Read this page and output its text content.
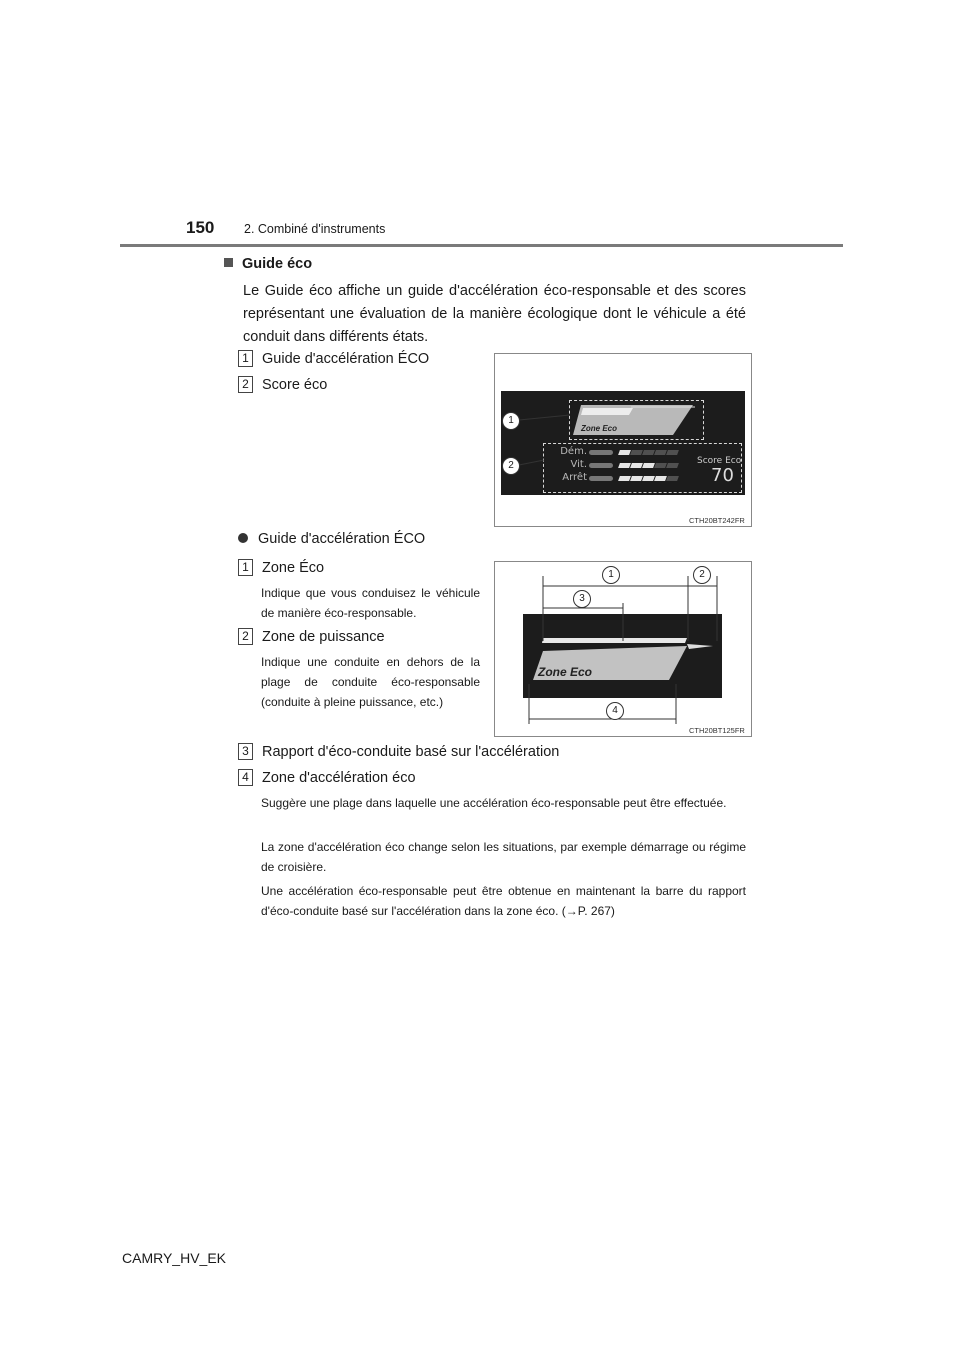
150 2. Combiné d'instruments
Guide éco
Le Guide éco affiche un guide d'accélération éco-responsable et des scores représentant une évaluation de la manière écologique dont le véhicule a été conduit dans différents états.
1 Guide d'accélération ÉCO
2 Score éco
Zone Eco
Dém.
Vit.
Arrêt
Score Eco
70
1
2
CTH20BT242FR
Guide d'accélération ÉCO
1 Zone Éco
Indique que vous conduisez le véhicule de manière éco-responsable.
2 Zone de puissance
Indique une conduite en dehors de la plage de conduite éco-responsable (conduite à pleine puissance, etc.)
1	2
3
4
Zone Eco
CTH20BT125FR
3 Rapport d'éco-conduite basé sur l'accélération
4 Zone d'accélération éco
Suggère une plage dans laquelle une accélération éco-responsable peut être effectuée.
La zone d'accélération éco change selon les situations, par exemple démarrage ou régime de croisière.
Une accélération éco-responsable peut être obtenue en maintenant la barre du rapport d'éco-conduite basé sur l'accélération dans la zone éco. (→P. 267)
CAMRY_HV_EK
